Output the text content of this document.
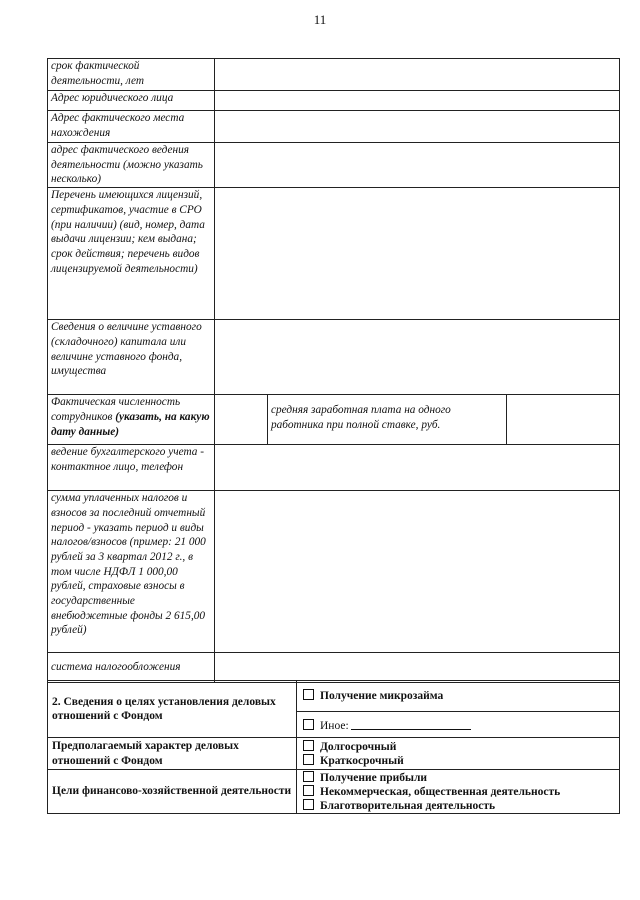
11
срок фактической деятельности, лет			
Адрес юридического лица			
Адрес фактического места нахождения			
адрес фактического ведения деятельности (можно указать несколько)			
Перечень имеющихся лицензий, сертификатов, участие в СРО (при наличии) (вид, номер, дата выдачи лицензии; кем выдана; срок действия; перечень видов лицензируемой деятельности)			
Сведения о величине уставного (складочного) капитала или величине уставного фонда, имущества			
Фактическая численность сотрудников (указать, на какую дату данные)		средняя заработная плата на одного работника при полной ставке, руб.	
ведение бухгалтерского учета - контактное лицо, телефон			
сумма уплаченных налогов и взносов за последний отчетный период - указать период и виды налогов/взносов (пример: 21 000 рублей за 3 квартал 2012 г., в том числе НДФЛ 1 000,00 рублей, страховые взносы в государственные внебюджетные фонды 2 615,00 рублей)			
система налогообложения			
2. Сведения о целях установления деловых отношений с Фондом	Получение микрозайма
Иное:

Предполагаемый характер деловых отношений с Фондом	Долгосрочный
Краткосрочный

Цели финансово-хозяйственной деятельности	Получение прибыли
Некоммерческая, общественная деятельность
Благотворительная деятельность
